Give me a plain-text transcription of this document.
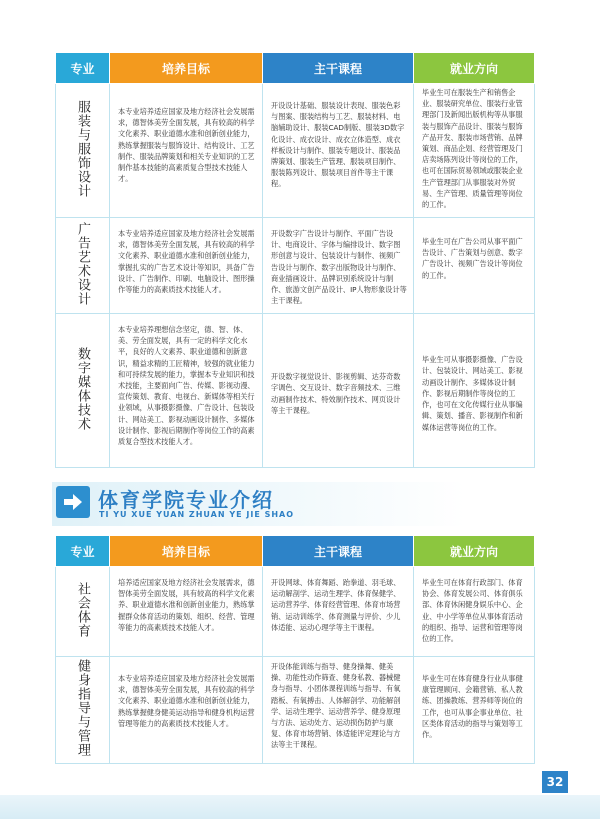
专业	培养目标	主干课程	就业方向
服装与服饰设计	本专业培养适应国家及地方经济社会发展需求，德智体美劳全面发展，具有较高的科学文化素养、职业道德水准和创新创业能力，熟练掌握服装与服饰设计、结构设计、工艺制作、服装品牌策划和相关专业知识的工艺制作基本技能的高素质复合型技术技能人才。	开设设计基础、服装设计表现、服装色彩与图案、服装结构与工艺、服装材料、电脑辅助设计、服装CAD制版、服装3D数字化设计、成衣设计、成衣立体造型、成衣样板设计与制作、服装专题设计、服装品牌策划、服装生产管理、服装项目制作、服装陈列设计、服装项目首件等主干课程。	毕业生可在服装生产和销售企业、服装研究单位、服装行业管理部门及新闻出版机构等从事服装与服饰产品设计、服装与服饰产品开发、服装市场营销、品牌策划、商品企划、经营管理及门店卖场陈列设计等岗位的工作，也可在国际贸易领域或服装企业生产管理部门从事服装对外贸易、生产管理、质量管理等岗位的工作。
广告艺术设计	本专业培养适应国家及地方经济社会发展需求，德智体美劳全面发展，具有较高的科学文化素养、职业道德水准和创新创业能力，掌握扎实的广告艺术设计等知识，具备广告设计、广告制作、印刷、电脑设计、图形操作等能力的高素质技术技能人才。	开设数字广告设计与制作、平面广告设计、电商设计、字体与编排设计、数字图形创意与设计、包装设计与制作、视频广告设计与制作、数字出版物设计与制作、商业插画设计、品牌识别系统设计与制作、旅游文创产品设计、IP人物形象设计等主干课程。	毕业生可在广告公司从事平面广告设计、广告策划与创意、数字广告设计、视频广告设计等岗位的工作。
数字媒体技术	本专业培养理想信念坚定，德、智、体、美、劳全面发展，具有一定的科学文化水平，良好的人文素养、职业道德和创新意识，精益求精的工匠精神，较强的就业能力和可持续发展的能力，掌握本专业知识和技术技能，主要面向广告、传媒、影视动漫、宣传策划、教育、电视台、新媒体等相关行业领域，从事摄影摄像、广告设计、包装设计、网站美工、影视动画设计制作、多媒体设计制作、影视后期制作等岗位工作的高素质复合型技术技能人才。	开设数字视觉设计、影视剪辑、达芬奇数字调色、交互设计、数字音频技术、三维动画制作技术、特效制作技术、网页设计等主干课程。	毕业生可从事摄影摄像、广告设计、包装设计、网站美工、影视动画设计制作、多媒体设计制作、影视后期制作等岗位的工作，也可在文化传媒行业从事编辑、策划、播音、影视制作和新媒体运营等岗位的工作。
体育学院专业介绍
TI YU XUE YUAN ZHUAN YE JIE SHAO
专业	培养目标	主干课程	就业方向
社会体育	培养适应国家及地方经济社会发展需求，德智体美劳全面发展，具有较高的科学文化素养、职业道德水准和创新创业能力，熟练掌握群众体育活动的策划、组织、经营、管理等能力的高素质技术技能人才。	开设网球、体育舞蹈、跆拳道、羽毛球、运动解剖学、运动生理学、体育保健学、运动营养学、体育经营管理、体育市场营销、运动训练学、体育测量与评价、少儿体适能、运动心理学等主干课程。	毕业生可在体育行政部门、体育协会、体育发展公司、体育俱乐部、体育休闲健身娱乐中心、企业、中小学等单位从事体育活动的组织、指导、运营和管理等岗位的工作。
健身指导与管理	本专业培养适应国家及地方经济社会发展需求，德智体美劳全面发展，具有较高的科学文化素养、职业道德水准和创新创业能力，熟练掌握健身健美运动指导和健身机构运营管理等能力的高素质技术技能人才。	开设体能训练与指导、健身操舞、健美操、功能性动作筛查、健身私教、器械健身与指导、小团体课程训练与指导、有氧踏板、有氧搏击、人体解剖学、功能解剖学、运动生理学、运动营养学、健身原理与方法、运动处方、运动损伤防护与康复、体育市场营销、体适能评定理论与方法等主干课程。	毕业生可在体育健身行业从事健康管理顾问、会籍营销、私人教练、团操教练、营养师等岗位的工作，也可从事企事业单位、社区类体育活动的指导与策划等工作。
32
